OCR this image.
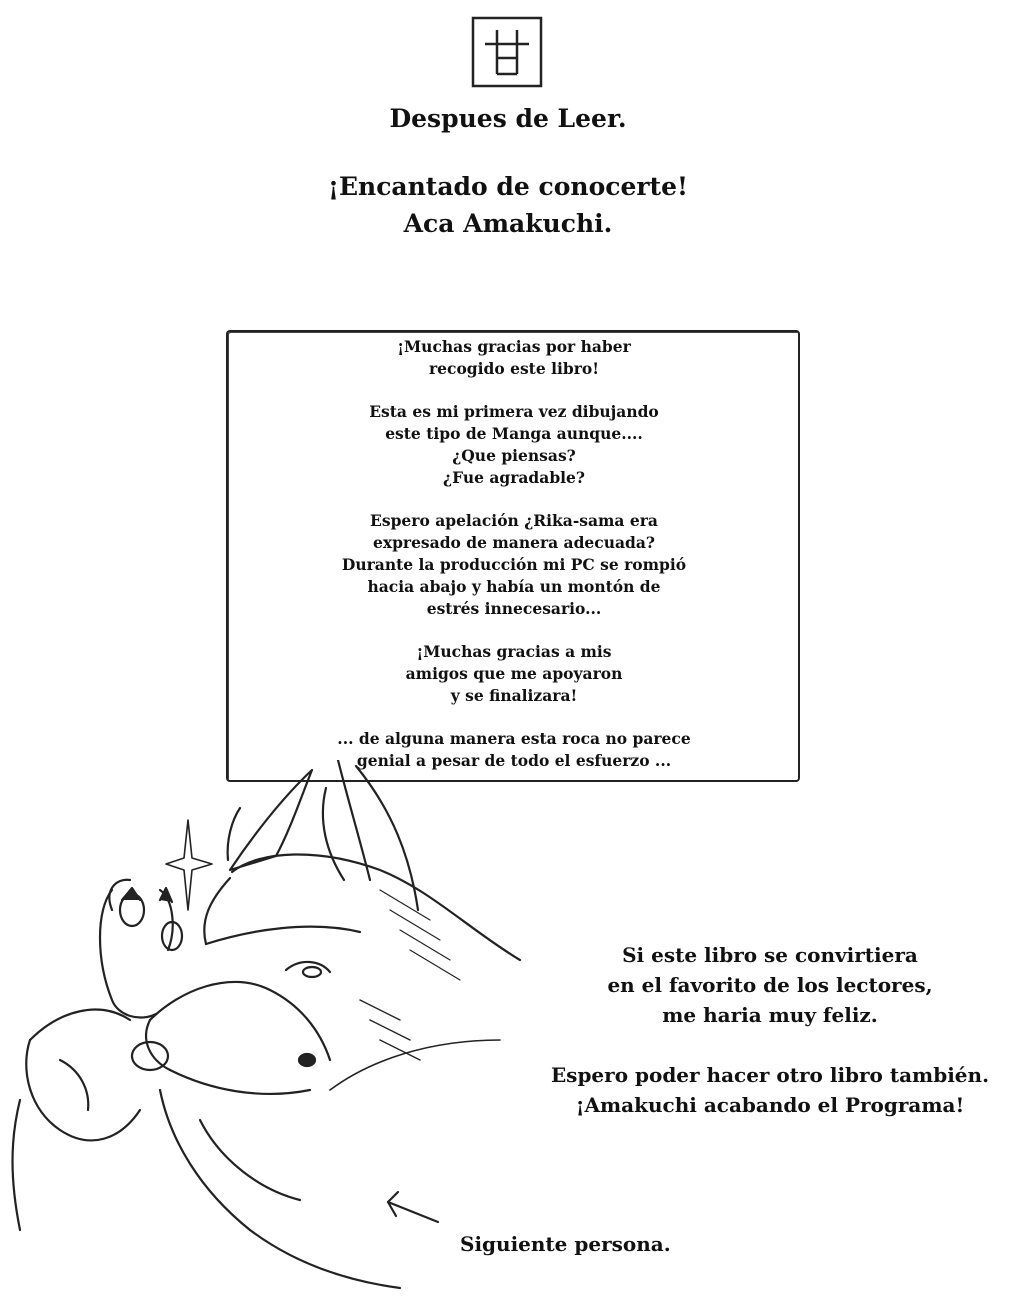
Despues de Leer.
¡Encantado de conocerte!
Aca Amakuchi.
¡Muchas gracias por haber
recogido este libro!
Esta es mi primera vez dibujando
este tipo de Manga aunque....
¿Que piensas?
¿Fue agradable?
Espero apelación ¿Rika-sama era
expresado de manera adecuada?
Durante la producción mi PC se rompió
hacia abajo y había un montón de
estrés innecesario...
¡Muchas gracias a mis
amigos que me apoyaron
y se finalizara!
... de alguna manera esta roca no parece
genial a pesar de todo el esfuerzo ...
Si este libro se convirtiera
en el favorito de los lectores,
me haria muy feliz.
Espero poder hacer otro libro también.
¡Amakuchi acabando el Programa!

Siguiente persona.
